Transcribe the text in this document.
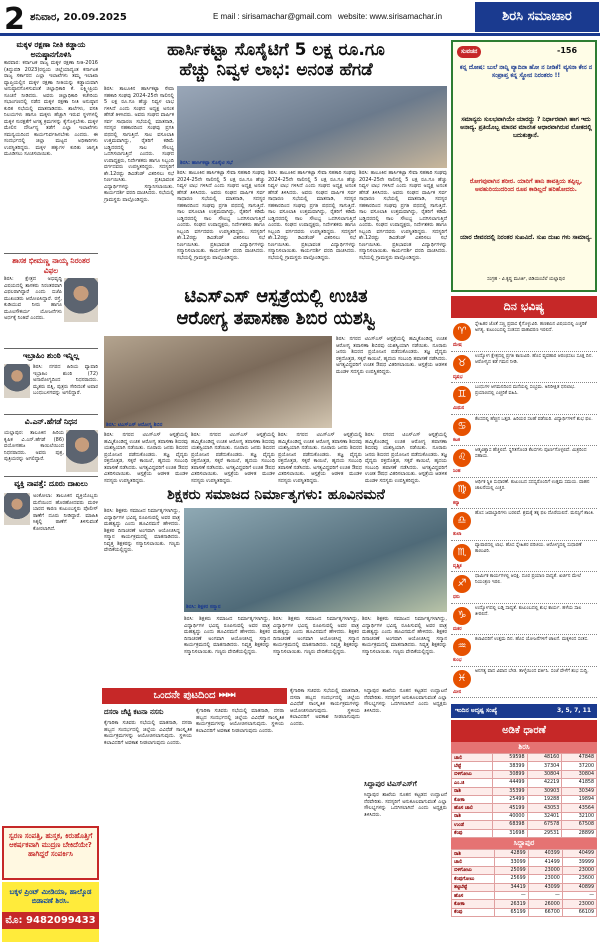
2 ಶನಿವಾರ, 20.09.2025	E mail : sirisamachar@gmail.com website: www.sirisamachar.in	ಶಿರಸಿ ಸಮಾಚಾರ
ಮಕ್ಕಳ ರಕ್ಷಣಾ ನೀತಿ ಕಡ್ಡಾಯ ಅನುಷ್ಠಾನಗೊಳಿಸಿ
ಕಾರವಾರ: ಕರ್ನಾಟಕ ರಾಜ್ಯ ಮಕ್ಕಳ ರಕ್ಷಣಾ ನೀತಿ-2016 (ತಿದ್ದುಪಡಿ 2023)ರನ್ವಯ ಜಿಲ್ಲೆಯಾದ್ಯಂತ ಕರ್ನಾಟಕ ರಾಜ್ಯ ಸರ್ಕಾರದ ಎಲ್ಲಾ ಇಲಾಖೆಗಳು ತಮ್ಮ ಇಲಾಖಾ ವ್ಯಾಪ್ತಿಯಲ್ಲಿನ ಮಕ್ಕಳ ರಕ್ಷಣಾ ನೀತಿಯನ್ನು ಕಡ್ಡಾಯವಾಗಿ ಅನುಷ್ಠಾನಗೊಳಿಸುವಂತೆ ಜಿಲ್ಲಾಧಿಕಾರಿ ಕೆ. ಲಕ್ಷ್ಮೀಪ್ರಿಯ ಸೂಚನೆ ನೀಡಿದರು. ಅವರು ಜಿಲ್ಲಾಧಿಕಾರಿ ಕಚೇರಿಯ ಸಭಾಂಗಣದಲ್ಲಿ ನಡೆದ ಮಕ್ಕಳ ರಕ್ಷಣಾ ನೀತಿ ಅನುಷ್ಠಾನ ಕುರಿತ ಸಭೆಯಲ್ಲಿ ಮಾತನಾಡಿದರು. ಶಾಲೆಗಳು, ವಸತಿ ನಿಲಯಗಳು ಹಾಗೂ ಮಕ್ಕಳು ಹೆಚ್ಚಾಗಿ ಇರುವ ಸ್ಥಳಗಳಲ್ಲಿ ಮಕ್ಕಳ ಸುರಕ್ಷತೆಗೆ ಅಗತ್ಯ ಕ್ರಮಗಳನ್ನು ಕೈಗೊಳ್ಳಬೇಕು. ಮಕ್ಕಳ ಮೇಲಿನ ದೌರ್ಜನ್ಯ ತಡೆಗೆ ಎಲ್ಲಾ ಇಲಾಖೆಗಳು ಸಮನ್ವಯದಿಂದ ಕಾರ್ಯನಿರ್ವಹಿಸಬೇಕು ಎಂದರು. ಈ ಸಂದರ್ಭದಲ್ಲಿ ಜಿಲ್ಲಾ ಮಟ್ಟದ ಅಧಿಕಾರಿಗಳು ಉಪಸ್ಥಿತರಿದ್ದರು. ಮಕ್ಕಳ ಹಕ್ಕುಗಳ ಕುರಿತು ಜಾಗೃತಿ ಮೂಡಿಸಲು ಸೂಚಿಸಲಾಯಿತು.
ಶಾಸಕ ಭೀಮಣ್ಣ ನಾಯ್ಕ ನಿರಂತರ ವಿಫಲ
ಶಿರಸಿ: ಕ್ಷೇತ್ರದ ಅಭಿವೃದ್ಧಿ ವಿಷಯದಲ್ಲಿ ಶಾಸಕರು ನಿರಂತರವಾಗಿ ವಿಫಲರಾಗಿದ್ದಾರೆ ಎಂದು ಬಿಜೆಪಿ ಮುಖಂಡರು ಆರೋಪಿಸಿದ್ದಾರೆ. ರಸ್ತೆ, ಕುಡಿಯುವ ನೀರು ಹಾಗೂ ಮೂಲಸೌಕರ್ಯ ಯೋಜನೆಗಳು ಅರ್ಧಕ್ಕೆ ನಿಂತಿವೆ ಎಂದರು.
ಇಬ್ರಾಹಿಂ ಶುಂಠಿ ಇನ್ನಿಲ್ಲ
ಶಿರಸಿ: ನಗರದ ಹಿರಿಯ ವ್ಯಾಪಾರಿ ಇಬ್ರಾಹಿಂ ಶುಂಠಿ (72) ಅನಾರೋಗ್ಯದಿಂದ ನಿಧನರಾದರು. ಮೃತರು ಪತ್ನಿ, ಪುತ್ರರು ಸೇರಿದಂತೆ ಅಪಾರ ಬಂಧುಬಳಗವನ್ನು ಅಗಲಿದ್ದಾರೆ.
ವಿ.ಎನ್.ಹೆಗಡೆ ನಿಧನ
ಯಲ್ಲಾಪುರ: ತಾಲೂಕಿನ ಹಿರಿಯ ಕೃಷಿಕ ವಿ.ಎನ್.ಹೆಗಡೆ (86) ವಯೋಸಹಜ ಕಾಯಿಲೆಯಿಂದ ನಿಧನರಾದರು. ಅವರು ಪುತ್ರ, ಪುತ್ರಿಯರನ್ನು ಅಗಲಿದ್ದಾರೆ.
ವ್ಯಕ್ತಿ ನಾಪತ್ತೆ: ದೂರು ದಾಖಲು
ಅಂಕೋಲಾ: ತಾಲೂಕಿನ ವ್ಯಕ್ತಿಯೊಬ್ಬರು ಮನೆಯಿಂದ ಹೊರಹೋದವರು ಮರಳಿ ಬಾರದ ಕಾರಣ ಕುಟುಂಬಸ್ಥರು ಪೊಲೀಸ್ ಠಾಣೆಗೆ ದೂರು ನೀಡಿದ್ದಾರೆ. ಮಾಹಿತಿ ಸಿಕ್ಕಲ್ಲಿ ಠಾಣೆಗೆ ತಿಳಿಸುವಂತೆ ಕೋರಲಾಗಿದೆ.
ಸ್ವರಣ ಸಂಪತ್ತಿ, ಹುಸ್ತಕ, ಕಿರುಹೊತ್ತಿಗೆ ಆಕರ್ಷಕವಾಗಿ ಮುದ್ರಣ ಬೇಕಿದೆಯೇ? ಹಾಗಿದ್ದರೆ ಸಂಪರ್ಕಿಸಿ
ಬಕ್ಕಳ ಪ್ರಿಂಟ್ ಮೀಡಿಯಾ, ಹಾಲ್ಕೊಡ ಬಿಡಾವಣೆ ಶಿರಸಿ.
ಮೊ: 9482099433
ಹಾರ್ಸಿಕಟ್ಟಾ ಸೊಸೈಟಿಗೆ 5 ಲಕ್ಷ ರೂ.ಗೂ
ಹೆಚ್ಚು ನಿವ್ವಳ ಲಾಭ: ಅನಂತ ಹೆಗಡೆ
ಶಿರಸಿ: ತಾಲೂಕಿನ ಹಾರ್ಸಿಕಟ್ಟಾ ಸೇವಾ ಸಹಕಾರಿ ಸಂಘವು 2024-25ನೇ ಸಾಲಿನಲ್ಲಿ 5 ಲಕ್ಷ ರೂ.ಗೂ ಹೆಚ್ಚು ನಿವ್ವಳ ಲಾಭ ಗಳಿಸಿದೆ ಎಂದು ಸಂಘದ ಅಧ್ಯಕ್ಷ ಅನಂತ ಹೆಗಡೆ ತಿಳಿಸಿದರು. ಅವರು ಸಂಘದ ವಾರ್ಷಿಕ ಸರ್ವ ಸಾಧಾರಣ ಸಭೆಯಲ್ಲಿ ಮಾತನಾಡಿ, ಸದಸ್ಯರ ಸಹಕಾರದಿಂದ ಸಂಘವು ಪ್ರಗತಿ ಪಥದಲ್ಲಿ ಸಾಗುತ್ತಿದೆ. ಸಾಲ ವಸೂಲಾತಿ ಉತ್ತಮವಾಗಿದ್ದು, ರೈತರಿಗೆ ಕಡಿಮೆ ಬಡ್ಡಿದರದಲ್ಲಿ ಸಾಲ ಸೌಲಭ್ಯ ಒದಗಿಸಲಾಗುತ್ತಿದೆ ಎಂದರು. ಸಂಘದ ಉಪಾಧ್ಯಕ್ಷರು, ನಿರ್ದೇಶಕರು ಹಾಗೂ ಸಿಬ್ಬಂದಿ ವರ್ಗದವರು ಉಪಸ್ಥಿತರಿದ್ದರು. ಸದಸ್ಯರಿಗೆ ಶೇ.12ರಷ್ಟು ಡಿವಿಡೆಂಡ್ ವಿತರಿಸಲು ಸಭೆ ನಿರ್ಣಯಿಸಿತು. ಪ್ರತಿಭಾವಂತ ವಿದ್ಯಾರ್ಥಿಗಳನ್ನು ಸನ್ಮಾನಿಸಲಾಯಿತು. ಕಾರ್ಯದರ್ಶಿ ವರದಿ ವಾಚಿಸಿದರು. ಸಭೆಯಲ್ಲಿ ಗ್ರಾಮಸ್ಥರು ಪಾಲ್ಗೊಂಡಿದ್ದರು.
ಶಿರಸಿ: ಹಾರ್ಸಿಕಟ್ಟಾ ಸೊಸೈಟಿ ಸಭೆ
ಶಿರಸಿ: ತಾಲೂಕಿನ ಹಾರ್ಸಿಕಟ್ಟಾ ಸೇವಾ ಸಹಕಾರಿ ಸಂಘವು 2024-25ನೇ ಸಾಲಿನಲ್ಲಿ 5 ಲಕ್ಷ ರೂ.ಗೂ ಹೆಚ್ಚು ನಿವ್ವಳ ಲಾಭ ಗಳಿಸಿದೆ ಎಂದು ಸಂಘದ ಅಧ್ಯಕ್ಷ ಅನಂತ ಹೆಗಡೆ ತಿಳಿಸಿದರು. ಅವರು ಸಂಘದ ವಾರ್ಷಿಕ ಸರ್ವ ಸಾಧಾರಣ ಸಭೆಯಲ್ಲಿ ಮಾತನಾಡಿ, ಸದಸ್ಯರ ಸಹಕಾರದಿಂದ ಸಂಘವು ಪ್ರಗತಿ ಪಥದಲ್ಲಿ ಸಾಗುತ್ತಿದೆ. ಸಾಲ ವಸೂಲಾತಿ ಉತ್ತಮವಾಗಿದ್ದು, ರೈತರಿಗೆ ಕಡಿಮೆ ಬಡ್ಡಿದರದಲ್ಲಿ ಸಾಲ ಸೌಲಭ್ಯ ಒದಗಿಸಲಾಗುತ್ತಿದೆ ಎಂದರು. ಸಂಘದ ಉಪಾಧ್ಯಕ್ಷರು, ನಿರ್ದೇಶಕರು ಹಾಗೂ ಸಿಬ್ಬಂದಿ ವರ್ಗದವರು ಉಪಸ್ಥಿತರಿದ್ದರು. ಸದಸ್ಯರಿಗೆ ಶೇ.12ರಷ್ಟು ಡಿವಿಡೆಂಡ್ ವಿತರಿಸಲು ಸಭೆ ನಿರ್ಣಯಿಸಿತು. ಪ್ರತಿಭಾವಂತ ವಿದ್ಯಾರ್ಥಿಗಳನ್ನು ಸನ್ಮಾನಿಸಲಾಯಿತು. ಕಾರ್ಯದರ್ಶಿ ವರದಿ ವಾಚಿಸಿದರು. ಸಭೆಯಲ್ಲಿ ಗ್ರಾಮಸ್ಥರು ಪಾಲ್ಗೊಂಡಿದ್ದರು.
ಶಿರಸಿ: ತಾಲೂಕಿನ ಹಾರ್ಸಿಕಟ್ಟಾ ಸೇವಾ ಸಹಕಾರಿ ಸಂಘವು 2024-25ನೇ ಸಾಲಿನಲ್ಲಿ 5 ಲಕ್ಷ ರೂ.ಗೂ ಹೆಚ್ಚು ನಿವ್ವಳ ಲಾಭ ಗಳಿಸಿದೆ ಎಂದು ಸಂಘದ ಅಧ್ಯಕ್ಷ ಅನಂತ ಹೆಗಡೆ ತಿಳಿಸಿದರು. ಅವರು ಸಂಘದ ವಾರ್ಷಿಕ ಸರ್ವ ಸಾಧಾರಣ ಸಭೆಯಲ್ಲಿ ಮಾತನಾಡಿ, ಸದಸ್ಯರ ಸಹಕಾರದಿಂದ ಸಂಘವು ಪ್ರಗತಿ ಪಥದಲ್ಲಿ ಸಾಗುತ್ತಿದೆ. ಸಾಲ ವಸೂಲಾತಿ ಉತ್ತಮವಾಗಿದ್ದು, ರೈತರಿಗೆ ಕಡಿಮೆ ಬಡ್ಡಿದರದಲ್ಲಿ ಸಾಲ ಸೌಲಭ್ಯ ಒದಗಿಸಲಾಗುತ್ತಿದೆ ಎಂದರು. ಸಂಘದ ಉಪಾಧ್ಯಕ್ಷರು, ನಿರ್ದೇಶಕರು ಹಾಗೂ ಸಿಬ್ಬಂದಿ ವರ್ಗದವರು ಉಪಸ್ಥಿತರಿದ್ದರು. ಸದಸ್ಯರಿಗೆ ಶೇ.12ರಷ್ಟು ಡಿವಿಡೆಂಡ್ ವಿತರಿಸಲು ಸಭೆ ನಿರ್ಣಯಿಸಿತು. ಪ್ರತಿಭಾವಂತ ವಿದ್ಯಾರ್ಥಿಗಳನ್ನು ಸನ್ಮಾನಿಸಲಾಯಿತು. ಕಾರ್ಯದರ್ಶಿ ವರದಿ ವಾಚಿಸಿದರು. ಸಭೆಯಲ್ಲಿ ಗ್ರಾಮಸ್ಥರು ಪಾಲ್ಗೊಂಡಿದ್ದರು.
ಶಿರಸಿ: ತಾಲೂಕಿನ ಹಾರ್ಸಿಕಟ್ಟಾ ಸೇವಾ ಸಹಕಾರಿ ಸಂಘವು 2024-25ನೇ ಸಾಲಿನಲ್ಲಿ 5 ಲಕ್ಷ ರೂ.ಗೂ ಹೆಚ್ಚು ನಿವ್ವಳ ಲಾಭ ಗಳಿಸಿದೆ ಎಂದು ಸಂಘದ ಅಧ್ಯಕ್ಷ ಅನಂತ ಹೆಗಡೆ ತಿಳಿಸಿದರು. ಅವರು ಸಂಘದ ವಾರ್ಷಿಕ ಸರ್ವ ಸಾಧಾರಣ ಸಭೆಯಲ್ಲಿ ಮಾತನಾಡಿ, ಸದಸ್ಯರ ಸಹಕಾರದಿಂದ ಸಂಘವು ಪ್ರಗತಿ ಪಥದಲ್ಲಿ ಸಾಗುತ್ತಿದೆ. ಸಾಲ ವಸೂಲಾತಿ ಉತ್ತಮವಾಗಿದ್ದು, ರೈತರಿಗೆ ಕಡಿಮೆ ಬಡ್ಡಿದರದಲ್ಲಿ ಸಾಲ ಸೌಲಭ್ಯ ಒದಗಿಸಲಾಗುತ್ತಿದೆ ಎಂದರು. ಸಂಘದ ಉಪಾಧ್ಯಕ್ಷರು, ನಿರ್ದೇಶಕರು ಹಾಗೂ ಸಿಬ್ಬಂದಿ ವರ್ಗದವರು ಉಪಸ್ಥಿತರಿದ್ದರು. ಸದಸ್ಯರಿಗೆ ಶೇ.12ರಷ್ಟು ಡಿವಿಡೆಂಡ್ ವಿತರಿಸಲು ಸಭೆ ನಿರ್ಣಯಿಸಿತು. ಪ್ರತಿಭಾವಂತ ವಿದ್ಯಾರ್ಥಿಗಳನ್ನು ಸನ್ಮಾನಿಸಲಾಯಿತು. ಕಾರ್ಯದರ್ಶಿ ವರದಿ ವಾಚಿಸಿದರು. ಸಭೆಯಲ್ಲಿ ಗ್ರಾಮಸ್ಥರು ಪಾಲ್ಗೊಂಡಿದ್ದರು.
ಟಿಎಸ್‌ಎಸ್ ಆಸ್ಪತ್ರೆಯಲ್ಲಿ ಉಚಿತ
ಆರೋಗ್ಯ ತಪಾಸಣಾ ಶಿಬಿರ ಯಶಸ್ವಿ
ಶಿರಸಿ: ಟಿಎಸ್‌ಎಸ್ ಆರೋಗ್ಯ ಶಿಬಿರ
ಶಿರಸಿ: ನಗರದ ಟಿಎಸ್‌ಎಸ್ ಆಸ್ಪತ್ರೆಯಲ್ಲಿ ಹಮ್ಮಿಕೊಂಡಿದ್ದ ಉಚಿತ ಆರೋಗ್ಯ ತಪಾಸಣಾ ಶಿಬಿರವು ಯಶಸ್ವಿಯಾಗಿ ನಡೆಯಿತು. ನೂರಾರು ಜನರು ಶಿಬಿರದ ಪ್ರಯೋಜನ ಪಡೆದುಕೊಂಡರು. ತಜ್ಞ ವೈದ್ಯರು ರಕ್ತದೊತ್ತಡ, ಸಕ್ಕರೆ ಕಾಯಿಲೆ, ಹೃದಯ ಸಂಬಂಧಿ ತಪಾಸಣೆ ನಡೆಸಿದರು. ಅಗತ್ಯವಿದ್ದವರಿಗೆ ಉಚಿತ ಔಷಧ ವಿತರಿಸಲಾಯಿತು. ಆಸ್ಪತ್ರೆಯ ಆಡಳಿತ ಮಂಡಳಿ ಸದಸ್ಯರು ಉಪಸ್ಥಿತರಿದ್ದರು.
ಶಿರಸಿ: ನಗರದ ಟಿಎಸ್‌ಎಸ್ ಆಸ್ಪತ್ರೆಯಲ್ಲಿ ಹಮ್ಮಿಕೊಂಡಿದ್ದ ಉಚಿತ ಆರೋಗ್ಯ ತಪಾಸಣಾ ಶಿಬಿರವು ಯಶಸ್ವಿಯಾಗಿ ನಡೆಯಿತು. ನೂರಾರು ಜನರು ಶಿಬಿರದ ಪ್ರಯೋಜನ ಪಡೆದುಕೊಂಡರು. ತಜ್ಞ ವೈದ್ಯರು ರಕ್ತದೊತ್ತಡ, ಸಕ್ಕರೆ ಕಾಯಿಲೆ, ಹೃದಯ ಸಂಬಂಧಿ ತಪಾಸಣೆ ನಡೆಸಿದರು. ಅಗತ್ಯವಿದ್ದವರಿಗೆ ಉಚಿತ ಔಷಧ ವಿತರಿಸಲಾಯಿತು. ಆಸ್ಪತ್ರೆಯ ಆಡಳಿತ ಮಂಡಳಿ ಸದಸ್ಯರು ಉಪಸ್ಥಿತರಿದ್ದರು.
ಶಿರಸಿ: ನಗರದ ಟಿಎಸ್‌ಎಸ್ ಆಸ್ಪತ್ರೆಯಲ್ಲಿ ಹಮ್ಮಿಕೊಂಡಿದ್ದ ಉಚಿತ ಆರೋಗ್ಯ ತಪಾಸಣಾ ಶಿಬಿರವು ಯಶಸ್ವಿಯಾಗಿ ನಡೆಯಿತು. ನೂರಾರು ಜನರು ಶಿಬಿರದ ಪ್ರಯೋಜನ ಪಡೆದುಕೊಂಡರು. ತಜ್ಞ ವೈದ್ಯರು ರಕ್ತದೊತ್ತಡ, ಸಕ್ಕರೆ ಕಾಯಿಲೆ, ಹೃದಯ ಸಂಬಂಧಿ ತಪಾಸಣೆ ನಡೆಸಿದರು. ಅಗತ್ಯವಿದ್ದವರಿಗೆ ಉಚಿತ ಔಷಧ ವಿತರಿಸಲಾಯಿತು. ಆಸ್ಪತ್ರೆಯ ಆಡಳಿತ ಮಂಡಳಿ ಸದಸ್ಯರು ಉಪಸ್ಥಿತರಿದ್ದರು.
ಶಿರಸಿ: ನಗರದ ಟಿಎಸ್‌ಎಸ್ ಆಸ್ಪತ್ರೆಯಲ್ಲಿ ಹಮ್ಮಿಕೊಂಡಿದ್ದ ಉಚಿತ ಆರೋಗ್ಯ ತಪಾಸಣಾ ಶಿಬಿರವು ಯಶಸ್ವಿಯಾಗಿ ನಡೆಯಿತು. ನೂರಾರು ಜನರು ಶಿಬಿರದ ಪ್ರಯೋಜನ ಪಡೆದುಕೊಂಡರು. ತಜ್ಞ ವೈದ್ಯರು ರಕ್ತದೊತ್ತಡ, ಸಕ್ಕರೆ ಕಾಯಿಲೆ, ಹೃದಯ ಸಂಬಂಧಿ ತಪಾಸಣೆ ನಡೆಸಿದರು. ಅಗತ್ಯವಿದ್ದವರಿಗೆ ಉಚಿತ ಔಷಧ ವಿತರಿಸಲಾಯಿತು. ಆಸ್ಪತ್ರೆಯ ಆಡಳಿತ ಮಂಡಳಿ ಸದಸ್ಯರು ಉಪಸ್ಥಿತರಿದ್ದರು.
ಶಿರಸಿ: ನಗರದ ಟಿಎಸ್‌ಎಸ್ ಆಸ್ಪತ್ರೆಯಲ್ಲಿ ಹಮ್ಮಿಕೊಂಡಿದ್ದ ಉಚಿತ ಆರೋಗ್ಯ ತಪಾಸಣಾ ಶಿಬಿರವು ಯಶಸ್ವಿಯಾಗಿ ನಡೆಯಿತು. ನೂರಾರು ಜನರು ಶಿಬಿರದ ಪ್ರಯೋಜನ ಪಡೆದುಕೊಂಡರು. ತಜ್ಞ ವೈದ್ಯರು ರಕ್ತದೊತ್ತಡ, ಸಕ್ಕರೆ ಕಾಯಿಲೆ, ಹೃದಯ ಸಂಬಂಧಿ ತಪಾಸಣೆ ನಡೆಸಿದರು. ಅಗತ್ಯವಿದ್ದವರಿಗೆ ಉಚಿತ ಔಷಧ ವಿತರಿಸಲಾಯಿತು. ಆಸ್ಪತ್ರೆಯ ಆಡಳಿತ ಮಂಡಳಿ ಸದಸ್ಯರು ಉಪಸ್ಥಿತರಿದ್ದರು.
ಶಿಕ್ಷಕರು ಸಮಾಜದ ನಿರ್ಮಾತೃಗಳು: ಹೂವಿನಮನೆ
ಶಿರಸಿ: ಶಿಕ್ಷಕರು ಸಮಾಜದ ನಿರ್ಮಾತೃಗಳಾಗಿದ್ದು, ವಿದ್ಯಾರ್ಥಿಗಳ ಭವಿಷ್ಯ ರೂಪಿಸುವಲ್ಲಿ ಅವರ ಪಾತ್ರ ಮಹತ್ವದ್ದು ಎಂದು ಹೂವಿನಮನೆ ಹೇಳಿದರು. ಶಿಕ್ಷಕರ ದಿನಾಚರಣೆ ಅಂಗವಾಗಿ ಆಯೋಜಿಸಿದ್ದ ಸನ್ಮಾನ ಕಾರ್ಯಕ್ರಮದಲ್ಲಿ ಮಾತನಾಡಿದರು. ನಿವೃತ್ತ ಶಿಕ್ಷಕರನ್ನು ಸನ್ಮಾನಿಸಲಾಯಿತು. ಗಣ್ಯರು ವೇದಿಕೆಯಲ್ಲಿದ್ದರು.
ಶಿರಸಿ: ಶಿಕ್ಷಕರ ಸನ್ಮಾನ
ಶಿರಸಿ: ಶಿಕ್ಷಕರು ಸಮಾಜದ ನಿರ್ಮಾತೃಗಳಾಗಿದ್ದು, ವಿದ್ಯಾರ್ಥಿಗಳ ಭವಿಷ್ಯ ರೂಪಿಸುವಲ್ಲಿ ಅವರ ಪಾತ್ರ ಮಹತ್ವದ್ದು ಎಂದು ಹೂವಿನಮನೆ ಹೇಳಿದರು. ಶಿಕ್ಷಕರ ದಿನಾಚರಣೆ ಅಂಗವಾಗಿ ಆಯೋಜಿಸಿದ್ದ ಸನ್ಮಾನ ಕಾರ್ಯಕ್ರಮದಲ್ಲಿ ಮಾತನಾಡಿದರು. ನಿವೃತ್ತ ಶಿಕ್ಷಕರನ್ನು ಸನ್ಮಾನಿಸಲಾಯಿತು. ಗಣ್ಯರು ವೇದಿಕೆಯಲ್ಲಿದ್ದರು.
ಶಿರಸಿ: ಶಿಕ್ಷಕರು ಸಮಾಜದ ನಿರ್ಮಾತೃಗಳಾಗಿದ್ದು, ವಿದ್ಯಾರ್ಥಿಗಳ ಭವಿಷ್ಯ ರೂಪಿಸುವಲ್ಲಿ ಅವರ ಪಾತ್ರ ಮಹತ್ವದ್ದು ಎಂದು ಹೂವಿನಮನೆ ಹೇಳಿದರು. ಶಿಕ್ಷಕರ ದಿನಾಚರಣೆ ಅಂಗವಾಗಿ ಆಯೋಜಿಸಿದ್ದ ಸನ್ಮಾನ ಕಾರ್ಯಕ್ರಮದಲ್ಲಿ ಮಾತನಾಡಿದರು. ನಿವೃತ್ತ ಶಿಕ್ಷಕರನ್ನು ಸನ್ಮಾನಿಸಲಾಯಿತು. ಗಣ್ಯರು ವೇದಿಕೆಯಲ್ಲಿದ್ದರು.
ಶಿರಸಿ: ಶಿಕ್ಷಕರು ಸಮಾಜದ ನಿರ್ಮಾತೃಗಳಾಗಿದ್ದು, ವಿದ್ಯಾರ್ಥಿಗಳ ಭವಿಷ್ಯ ರೂಪಿಸುವಲ್ಲಿ ಅವರ ಪಾತ್ರ ಮಹತ್ವದ್ದು ಎಂದು ಹೂವಿನಮನೆ ಹೇಳಿದರು. ಶಿಕ್ಷಕರ ದಿನಾಚರಣೆ ಅಂಗವಾಗಿ ಆಯೋಜಿಸಿದ್ದ ಸನ್ಮಾನ ಕಾರ್ಯಕ್ರಮದಲ್ಲಿ ಮಾತನಾಡಿದರು. ನಿವೃತ್ತ ಶಿಕ್ಷಕರನ್ನು ಸನ್ಮಾನಿಸಲಾಯಿತು. ಗಣ್ಯರು ವೇದಿಕೆಯಲ್ಲಿದ್ದರು.
ಒಂದನೇ ಪುಟದಿಂದ ⏭⏭
ದಸರಾ ಚೆಟ್ಟಿ ಕಟನಾ ನಸಸು
ಕೈಗಾರಿಕಾ ಸಚಿವರು ಸಭೆಯಲ್ಲಿ ಮಾತನಾಡಿ, ದಸರಾ ಹಬ್ಬದ ಸಂದರ್ಭದಲ್ಲಿ ಜಿಲ್ಲೆಯ ವಿವಿಧೆಡೆ ಸಾಂಸ್ಕೃತಿಕ ಕಾರ್ಯಕ್ರಮಗಳನ್ನು ಆಯೋಜಿಸಲಾಗುವುದು. ಸ್ಥಳೀಯ ಕಲಾವಿದರಿಗೆ ಅವಕಾಶ ನೀಡಲಾಗುವುದು ಎಂದರು.
ಕೈಗಾರಿಕಾ ಸಚಿವರು ಸಭೆಯಲ್ಲಿ ಮಾತನಾಡಿ, ದಸರಾ ಹಬ್ಬದ ಸಂದರ್ಭದಲ್ಲಿ ಜಿಲ್ಲೆಯ ವಿವಿಧೆಡೆ ಸಾಂಸ್ಕೃತಿಕ ಕಾರ್ಯಕ್ರಮಗಳನ್ನು ಆಯೋಜಿಸಲಾಗುವುದು. ಸ್ಥಳೀಯ ಕಲಾವಿದರಿಗೆ ಅವಕಾಶ ನೀಡಲಾಗುವುದು ಎಂದರು.
ಕೈಗಾರಿಕಾ ಸಚಿವರು ಸಭೆಯಲ್ಲಿ ಮಾತನಾಡಿ, ದಸರಾ ಹಬ್ಬದ ಸಂದರ್ಭದಲ್ಲಿ ಜಿಲ್ಲೆಯ ವಿವಿಧೆಡೆ ಸಾಂಸ್ಕೃತಿಕ ಕಾರ್ಯಕ್ರಮಗಳನ್ನು ಆಯೋಜಿಸಲಾಗುವುದು. ಸ್ಥಳೀಯ ಕಲಾವಿದರಿಗೆ ಅವಕಾಶ ನೀಡಲಾಗುವುದು ಎಂದರು.
ಸಿದ್ದಾಪುರ ಟಿಎಸ್‌ಎಸ್‌ಗೆ
ಸಿದ್ದಾಪುರ ಶಾಖೆಯ ನೂತನ ಕಟ್ಟಡದ ಉದ್ಘಾಟನೆ ನೆರವೇರಿತು. ಸದಸ್ಯರಿಗೆ ಅನುಕೂಲವಾಗುವಂತೆ ಎಲ್ಲಾ ಸೌಲಭ್ಯಗಳನ್ನು ಒದಗಿಸಲಾಗಿದೆ ಎಂದು ಅಧ್ಯಕ್ಷರು ತಿಳಿಸಿದರು.
ಸಿದ್ದಾಪುರ ಶಾಖೆಯ ನೂತನ ಕಟ್ಟಡದ ಉದ್ಘಾಟನೆ ನೆರವೇರಿತು. ಸದಸ್ಯರಿಗೆ ಅನುಕೂಲವಾಗುವಂತೆ ಎಲ್ಲಾ ಸೌಲಭ್ಯಗಳನ್ನು ಒದಗಿಸಲಾಗಿದೆ ಎಂದು ಅಧ್ಯಕ್ಷರು ತಿಳಿಸಿದರು.
ಸುವಚನ	-156
ಕನ್ನ ದೋಷ: ಬುಲೆ ನಾನ್ನಿ ವ್ಯಾದಿನಾ ಹೋ ನ ನೀಡಿಕೆ! ವ್ಯಸನಾ ಕೇನ ನ ಸಂಪ್ರಾಪ್ತ ಕನ್ನ ಸ್ಥೋನ ನಿರಂತರಂ !!
ಸಮಾನ್ಯನು ಸುಲಭವಾಗಿಯೇ ಯಾರದ್ದು ? ನಿರ್ಧಾರವಾಗಿ ಹಾಗ ಇದು ಅನಾದ್ಯ. ಪ್ರತಿಯೊಬ್ಬ ಮಾನವ ಮಾನಸಿಕ ಆಧಾರವಾಗಿರುವ ಲೋಕದಲ್ಲಿ ಬದುಕುತ್ತಾನೆ.
ರೋಗವುವಾಗಿನ ಶರೀರ. ಯಾರಿಗೆ ಹಾನಿ ತಾವತ್ತಿಯ ತಪ್ಪಿಲ್ಲ, ಅವಹುರಿಯುದರಿಂದ ರೂಪ ಕಾಡಿಲ್ಲದೆ ಹರಿಹೋದರು.
ಯಾರ ಜೀವನದಲ್ಲಿ ನಿರಂತರ ಸುಖವಿದೆ. ಸುಖ ದುಃಖ ಗಳು ಸಾಮಾನ್ಯ.
ಸಂಗ್ರಹ - ವಿ.ಕೃಷ್ಣ ಮೂರ್ತಿ, ಬಿಡಿಯಂಬೆಲೆ ಯಲ್ಲಾಪುರ
ದಿನ ಭವಿಷ್ಯ
♈
ಮೇಷ
ಸ್ನೇಹಿತರ ಜೊತೆ ಸಣ್ಣ ಪ್ರವಾಸ ಕೈಗೊಳ್ಳುವಿರಿ. ಹಣಕಾಸಿನ ವಿಷಯದಲ್ಲಿ ಎಚ್ಚರಿಕೆ ಅಗತ್ಯ. ಕುಟುಂಬದಲ್ಲಿ ಸಂತಸದ ವಾತಾವರಣ ಇರಲಿದೆ.
♉
ವೃಷಭ
ಉದ್ಯೋಗ ಕ್ಷೇತ್ರದಲ್ಲಿ ಪ್ರಗತಿ ಕಾಣುವಿರಿ. ಹೊಸ ವ್ಯವಹಾರ ಆರಂಭಿಸಲು ಸೂಕ್ತ ದಿನ. ಆರೋಗ್ಯದ ಕಡೆ ಗಮನ ನೀಡಿ.
♊
ಮಿಥುನ
ಬಂಧುಗಳ ಆಗಮನದಿಂದ ಮನೆಯಲ್ಲಿ ಸಂಭ್ರಮ. ಅನಿರೀಕ್ಷಿತ ಧನಲಾಭ. ಪ್ರಯಾಣದಲ್ಲಿ ಎಚ್ಚರಿಕೆ ವಹಿಸಿ.
♋
ಕಟಕ
ಕೆಲಸದಲ್ಲಿ ಹೆಚ್ಚಿನ ಒತ್ತಡ. ಹಿರಿಯರ ಸಲಹೆ ಪಡೆಯಿರಿ. ವಿದ್ಯಾರ್ಥಿಗಳಿಗೆ ಶುಭ ಫಲ.
♌
ಸಿಂಹ
ಆತ್ಮವಿಶ್ವಾಸ ಹೆಚ್ಚಲಿದೆ. ಸ್ಥಗಿತಗೊಂಡ ಕೆಲಸಗಳು ಪೂರ್ಣಗೊಳ್ಳಲಿವೆ. ಮಿತ್ರರಿಂದ ಸಹಾಯ.
♍
ಕನ್ಯಾ
ಆರ್ಥಿಕ ಸ್ಥಿತಿ ಸುಧಾರಣೆ. ಕುಟುಂಬದ ಸದಸ್ಯರೊಂದಿಗೆ ಉತ್ತಮ ಸಮಯ. ವಾಹನ ಚಾಲನೆಯಲ್ಲಿ ಎಚ್ಚರ.
♎
ತುಲಾ
ಹೊಸ ಜವಾಬ್ದಾರಿಗಳು ಬರಲಿವೆ. ಶ್ರಮಕ್ಕೆ ತಕ್ಕ ಫಲ ದೊರೆಯಲಿದೆ. ಮನಸ್ಸಿಗೆ ಶಾಂತಿ.
♏
ವೃಶ್ಚಿಕ
ವ್ಯಾಪಾರದಲ್ಲಿ ಲಾಭ. ಹೊಸ ಸ್ನೇಹಿತರ ಪರಿಚಯ. ಆರೋಗ್ಯದಲ್ಲಿ ಸುಧಾರಣೆ ಕಾಣುವಿರಿ.
♐
ಧನು
ಧಾರ್ಮಿಕ ಕಾರ್ಯಗಳಲ್ಲಿ ಆಸಕ್ತಿ. ದೂರ ಪ್ರಯಾಣ ಸಾಧ್ಯತೆ. ಖರ್ಚಿನ ಮೇಲೆ ನಿಯಂತ್ರಣ ಇರಲಿ.
♑
ಮಕರ
ಉದ್ಯೋಗದಲ್ಲಿ ಬಡ್ತಿ ಸಾಧ್ಯತೆ. ಕುಟುಂಬದಲ್ಲಿ ಶುಭ ಕಾರ್ಯ. ಹಳೆಯ ಸಾಲ ತೀರಲಿದೆ.
♒
ಕುಂಭ
ಕಲಾವಿದರಿಗೆ ಉತ್ತಮ ದಿನ. ಹೊಸ ಯೋಜನೆಗಳಿಗೆ ಚಾಲನೆ. ಮಕ್ಕಳಿಂದ ಸಂತಸ.
♓
ಮೀನ
ಅನಗತ್ಯ ವಾದ ವಿವಾದ ಬೇಡ. ತಾಳ್ಮೆಯಿಂದ ವರ್ತಿಸಿ. ಸಂಜೆ ವೇಳೆಗೆ ಶುಭ ಸುದ್ದಿ.
ಇಂದಿನ ಅದೃಷ್ಟ ಸಂಖ್ಯೆ	3, 5, 7, 11
ಅಡಿಕೆ ಧಾರಣೆ
ಶಿರಸಿ
ಚಾಲಿ	59598	48160	47848
ಬೆಟ್ಟೆ	38399	37304	37200
ಬಿಳಿಗೋಟು	30899	30804	30804
ಎಂ.ಜಿ	44499	42219	41858
ರಾಶಿ	35399	30903	30349
ಕೋಕಾ	25499	19288	19894
ಹೊಸ ಚಾಲಿ	45199	43053	43564
ರಾಶಿ	40000	32401	32100
ಉಂಡೆ	68398	67578	67508
ಕೆಂಪು	31698	29531	28899
ಸಿದ್ದಾಪುರ
ರಾಶಿ	42899	40399	40499
ಚಾಲಿ	33099	41499	39999
ಬಿಳಿಗೋಟು	25099	23000	23000
ಕೆಂಪುಗೋಟು	25699	23000	23600
ತಟ್ಟಿಬೆಟ್ಟೆ	34419	43099	40899
ಹೊಸ	—	—	—
ಕೋಕಾ	26319	26000	23000
ಕೆಂಪು	65199	66700	66109
